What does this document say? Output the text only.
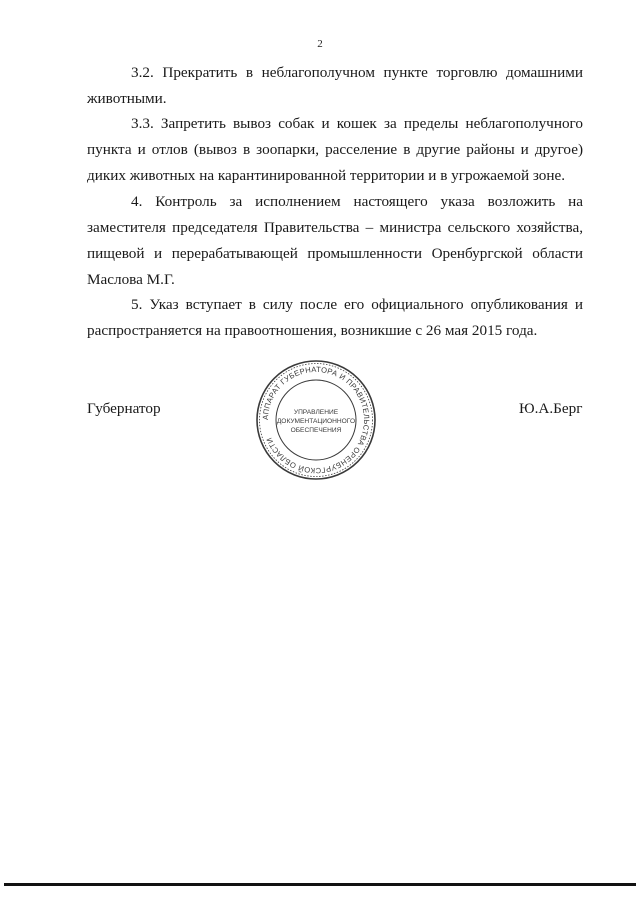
2

3.2. Прекратить в неблагополучном пункте торговлю домашними животными.

3.3. Запретить вывоз собак и кошек за пределы неблагополучного пункта и отлов (вывоз в зоопарки, расселение в другие районы и другое) диких животных на карантинированной территории и в угрожаемой зоне.

4. Контроль за исполнением настоящего указа возложить на заместителя председателя Правительства – министра сельского хозяйства, пищевой и перерабатывающей промышленности Оренбургской области Маслова М.Г.

5. Указ вступает в силу после его официального опубликования и распространяется на правоотношения, возникшие с 26 мая 2015 года.

Губернатор
АППАРАТ ГУБЕРНАТОРА И ПРАВИТЕЛЬСТВА ОРЕНБУРГСКОЙ ОБЛАСТИ
УПРАВЛЕНИЕ
ДОКУМЕНТАЦИОННОГО
ОБЕСПЕЧЕНИЯ
Ю.А.Берг
